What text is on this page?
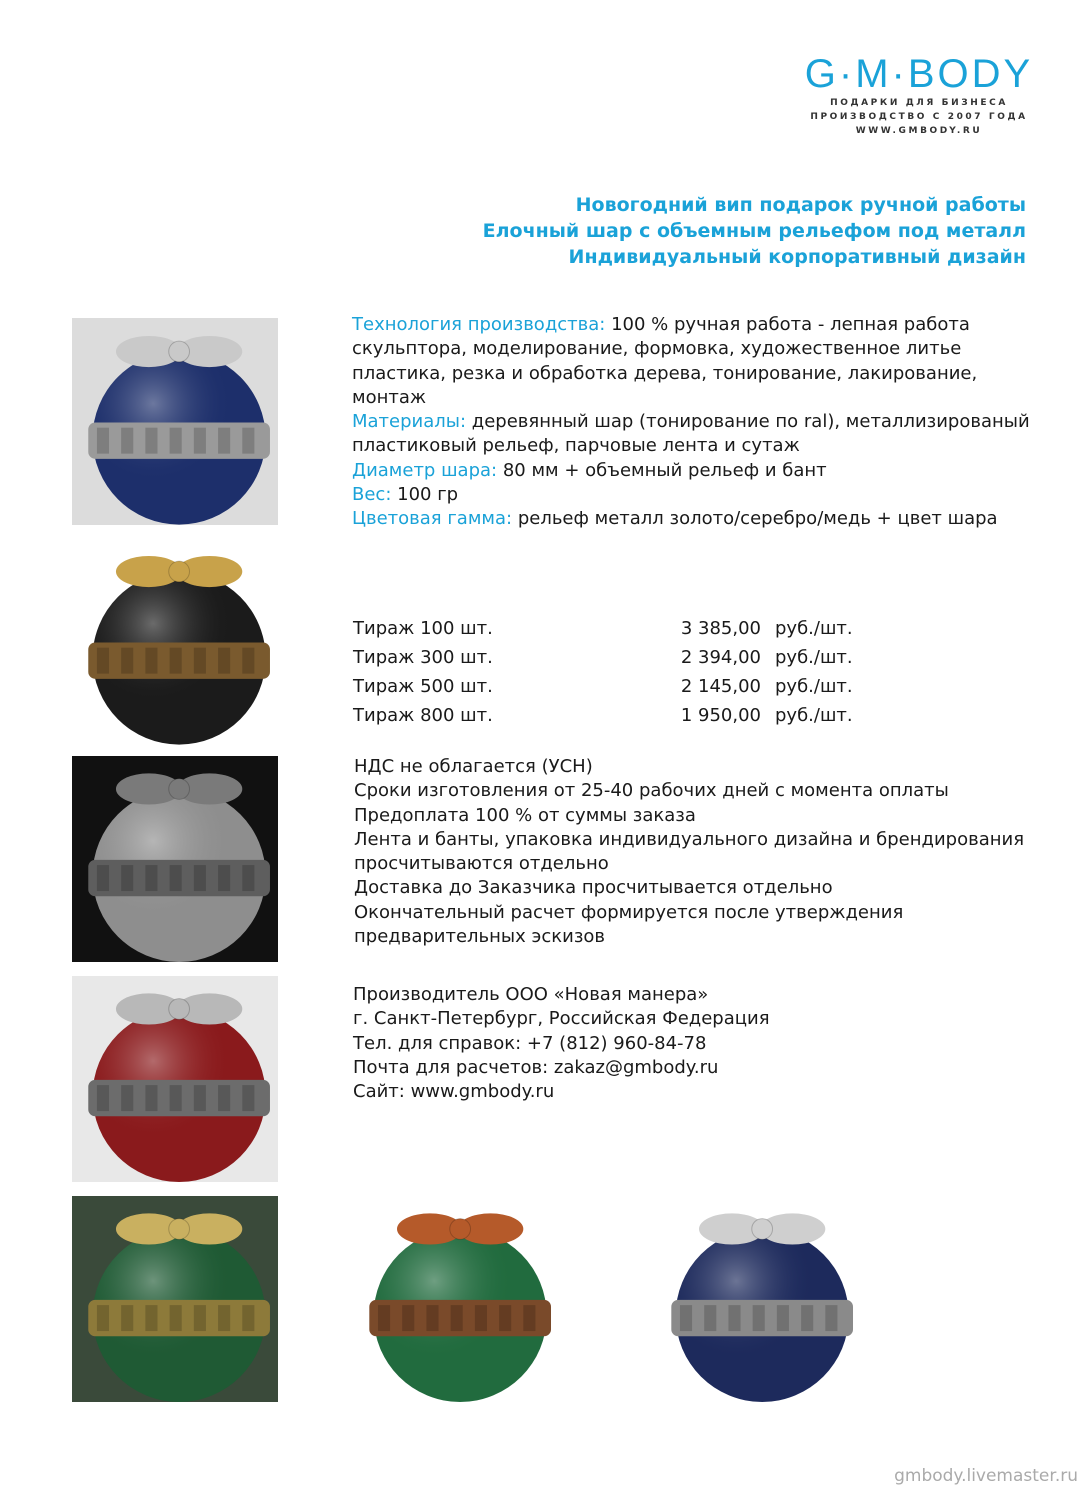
G·M·BODY
ПОДАРКИ ДЛЯ БИЗНЕСА
ПРОИЗВОДСТВО С 2007 ГОДА
WWW.GMBODY.RU
Новогодний вип подарок ручной работы
Елочный шар с объемным рельефом под металл
Индивидуальный корпоративный дизайн
Технология производства: 100 % ручная работа - лепная работа скульптора, моделирование, формовка, художественное литье пластика, резка и обработка дерева, тонирование, лакирование, монтаж
Материалы: деревянный шар (тонирование по ral), металлизированый пластиковый рельеф, парчовые лента и сутаж
Диаметр шара: 80 мм + объемный рельеф и бант
Вес: 100 гр
Цветовая гамма: рельеф металл золото/серебро/медь + цвет шара
Тираж 100 шт.	3 385,00	руб./шт.
Тираж 300 шт.	2 394,00	руб./шт.
Тираж 500 шт.	2 145,00	руб./шт.
Тираж 800 шт.	1 950,00	руб./шт.
НДС не облагается (УСН)
Сроки изготовления от 25-40 рабочих дней с момента оплаты
Предоплата 100 % от суммы заказа
Лента и банты, упаковка индивидуального дизайна и брендирования просчитываются отдельно
Доставка до Заказчика просчитывается отдельно
Окончательный расчет формируется после утверждения предварительных эскизов
Производитель ООО «Новая манера»
г. Санкт-Петербург, Российская Федерация
Тел. для справок: +7 (812) 960-84-78
Почта для расчетов: zakaz@gmbody.ru
Сайт: www.gmbody.ru
gmbody.livemaster.ru
